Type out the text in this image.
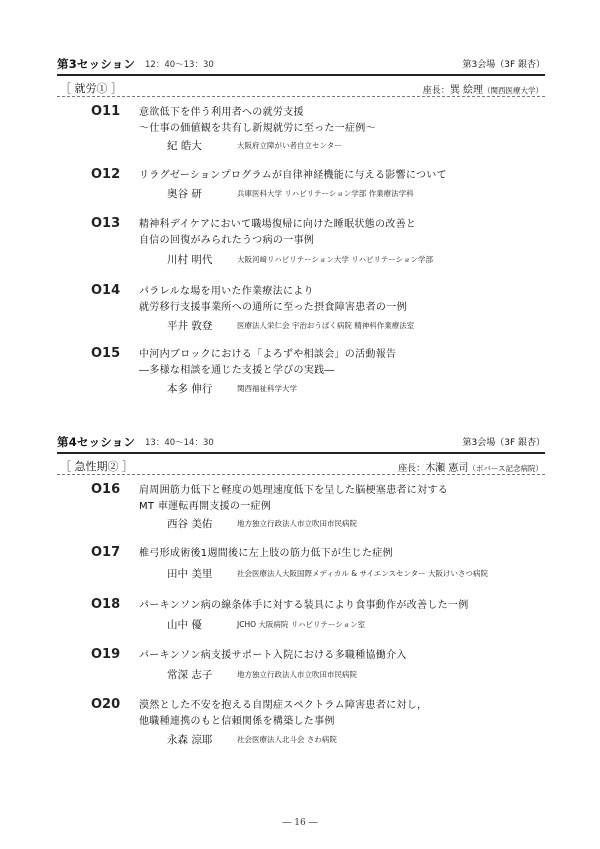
第3セッション 12：40～13：30	第3会場（3F 銀杏）
［ 就労① ］	座長：巽 絵理（関西医療大学）
O11 意欲低下を伴う利用者への就労支援
～仕事の価値観を共有し新規就労に至った一症例～
紀 皓大	大阪府立障がい者自立センター
O12 リラグゼーションプログラムが自律神経機能に与える影響について
奥谷 研	兵庫医科大学 リハビリテーション学部 作業療法学科
O13 精神科デイケアにおいて職場復帰に向けた睡眠状態の改善と
自信の回復がみられたうつ病の一事例
川村 明代	大阪河﨑リハビリテーション大学 リハビリテーション学部
O14 パラレルな場を用いた作業療法により
就労移行支援事業所への通所に至った摂食障害患者の一例
平井 敦登	医療法人栄仁会 宇治おうばく病院 精神科作業療法室
O15 中河内ブロックにおける「よろずや相談会」の活動報告
―多様な相談を通じた支援と学びの実践―
本多 伸行	関西福祉科学大学
第4セッション 13：40～14：30	第3会場（3F 銀杏）
［ 急性期② ］	座長：木瀬 憲司（ボバース記念病院）
O16 肩周囲筋力低下と軽度の処理速度低下を呈した脳梗塞患者に対する
MT 車運転再開支援の一症例
西谷 美佑	地方独立行政法人市立吹田市民病院
O17 椎弓形成術後1週間後に左上肢の筋力低下が生じた症例
田中 美里	社会医療法人大阪国際メディカル & サイエンスセンター 大阪けいさつ病院
O18 パーキンソン病の線条体手に対する装具により食事動作が改善した一例
山中 優	JCHO 大阪病院 リハビリテーション室
O19 パーキンソン病支援サポート入院における多職種協働介入
常深 志子	地方独立行政法人市立吹田市民病院
O20 漠然とした不安を抱える自閉症スペクトラム障害患者に対し，
他職種連携のもと信頼関係を構築した事例
永森 涼耶	社会医療法人北斗会 さわ病院
― 16 ―
